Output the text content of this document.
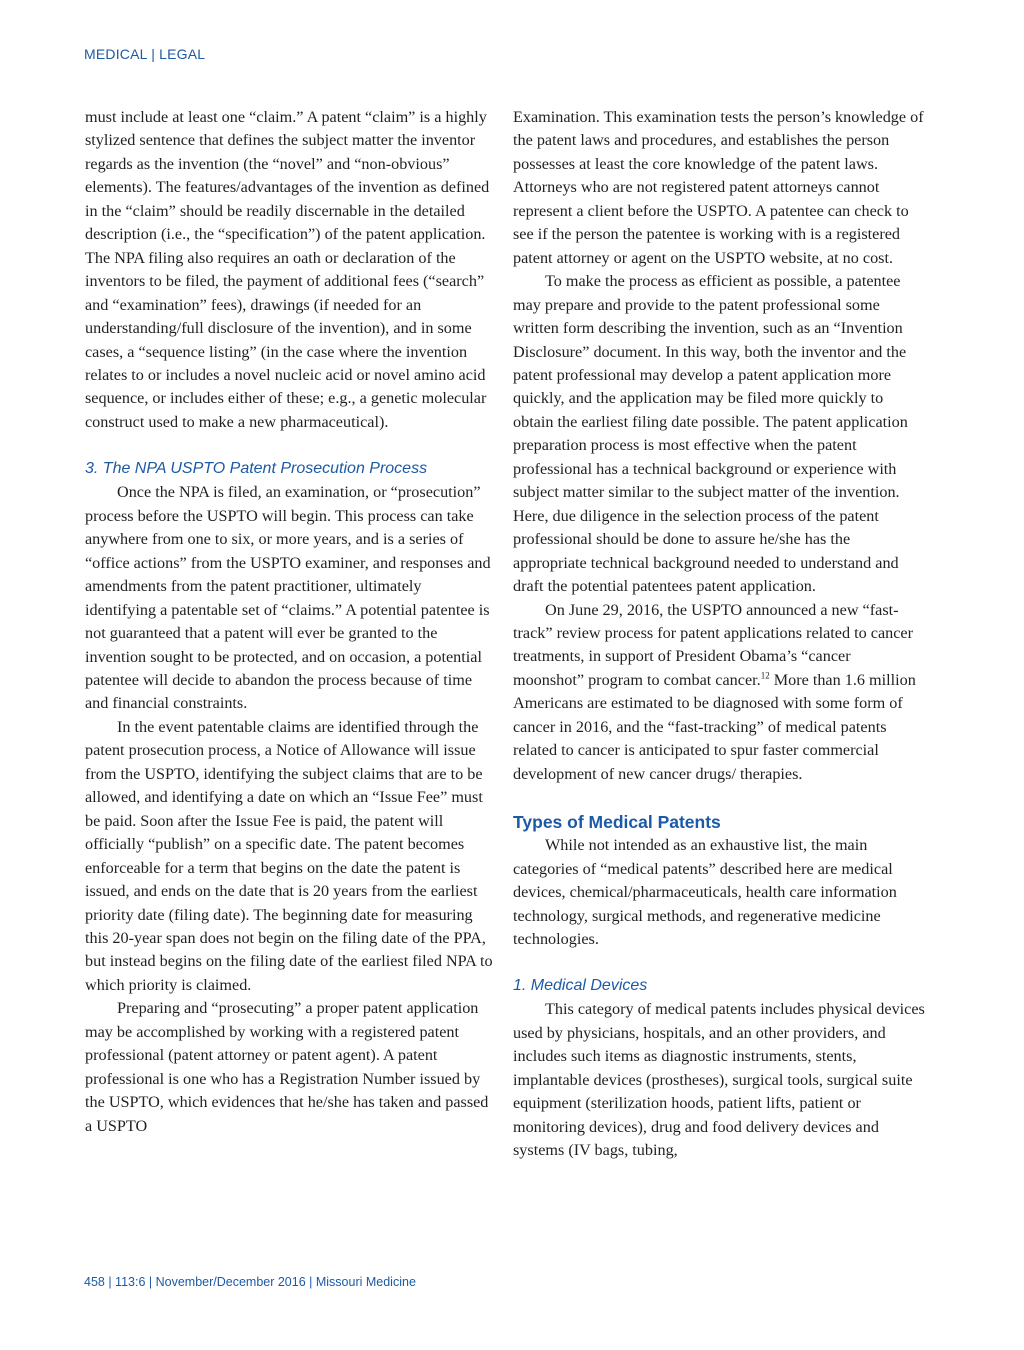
MEDICAL | LEGAL

must include at least one “claim.” A patent “claim” is a highly stylized sentence that defines the subject matter the inventor regards as the invention (the “novel” and “non-obvious” elements). The features/advantages of the invention as defined in the “claim” should be readily discernable in the detailed description (i.e., the “specification”) of the patent application. The NPA filing also requires an oath or declaration of the inventors to be filed, the payment of additional fees (“search” and “examination” fees), drawings (if needed for an understanding/full disclosure of the invention), and in some cases, a “sequence listing” (in the case where the invention relates to or includes a novel nucleic acid or novel amino acid sequence, or includes either of these; e.g., a genetic molecular construct used to make a new pharmaceutical).

3. The NPA USPTO Patent Prosecution Process

Once the NPA is filed, an examination, or “prosecution” process before the USPTO will begin. This process can take anywhere from one to six, or more years, and is a series of “office actions” from the USPTO examiner, and responses and amendments from the patent practitioner, ultimately identifying a patentable set of “claims.” A potential patentee is not guaranteed that a patent will ever be granted to the invention sought to be protected, and on occasion, a potential patentee will decide to abandon the process because of time and financial constraints.

In the event patentable claims are identified through the patent prosecution process, a Notice of Allowance will issue from the USPTO, identifying the subject claims that are to be allowed, and identifying a date on which an “Issue Fee” must be paid. Soon after the Issue Fee is paid, the patent will officially “publish” on a specific date. The patent becomes enforceable for a term that begins on the date the patent is issued, and ends on the date that is 20 years from the earliest priority date (filing date). The beginning date for measuring this 20-year span does not begin on the filing date of the PPA, but instead begins on the filing date of the earliest filed NPA to which priority is claimed.

Preparing and “prosecuting” a proper patent application may be accomplished by working with a registered patent professional (patent attorney or patent agent). A patent professional is one who has a Registration Number issued by the USPTO, which evidences that he/she has taken and passed a USPTO

Examination. This examination tests the person’s knowledge of the patent laws and procedures, and establishes the person possesses at least the core knowledge of the patent laws. Attorneys who are not registered patent attorneys cannot represent a client before the USPTO. A patentee can check to see if the person the patentee is working with is a registered patent attorney or agent on the USPTO website, at no cost.

To make the process as efficient as possible, a patentee may prepare and provide to the patent professional some written form describing the invention, such as an “Invention Disclosure” document. In this way, both the inventor and the patent professional may develop a patent application more quickly, and the application may be filed more quickly to obtain the earliest filing date possible. The patent application preparation process is most effective when the patent professional has a technical background or experience with subject matter similar to the subject matter of the invention. Here, due diligence in the selection process of the patent professional should be done to assure he/she has the appropriate technical background needed to understand and draft the potential patentees patent application.

On June 29, 2016, the USPTO announced a new “fast-track” review process for patent applications related to cancer treatments, in support of President Obama’s “cancer moonshot” program to combat cancer.$^{12}$ More than 1.6 million Americans are estimated to be diagnosed with some form of cancer in 2016, and the “fast-tracking” of medical patents related to cancer is anticipated to spur faster commercial development of new cancer drugs/ therapies.

Types of Medical Patents

While not intended as an exhaustive list, the main categories of “medical patents” described here are medical devices, chemical/pharmaceuticals, health care information technology, surgical methods, and regenerative medicine technologies.

1. Medical Devices

This category of medical patents includes physical devices used by physicians, hospitals, and an other providers, and includes such items as diagnostic instruments, stents, implantable devices (prostheses), surgical tools, surgical suite equipment (sterilization hoods, patient lifts, patient or monitoring devices), drug and food delivery devices and systems (IV bags, tubing,

458 | 113:6 | November/December 2016 | Missouri Medicine
